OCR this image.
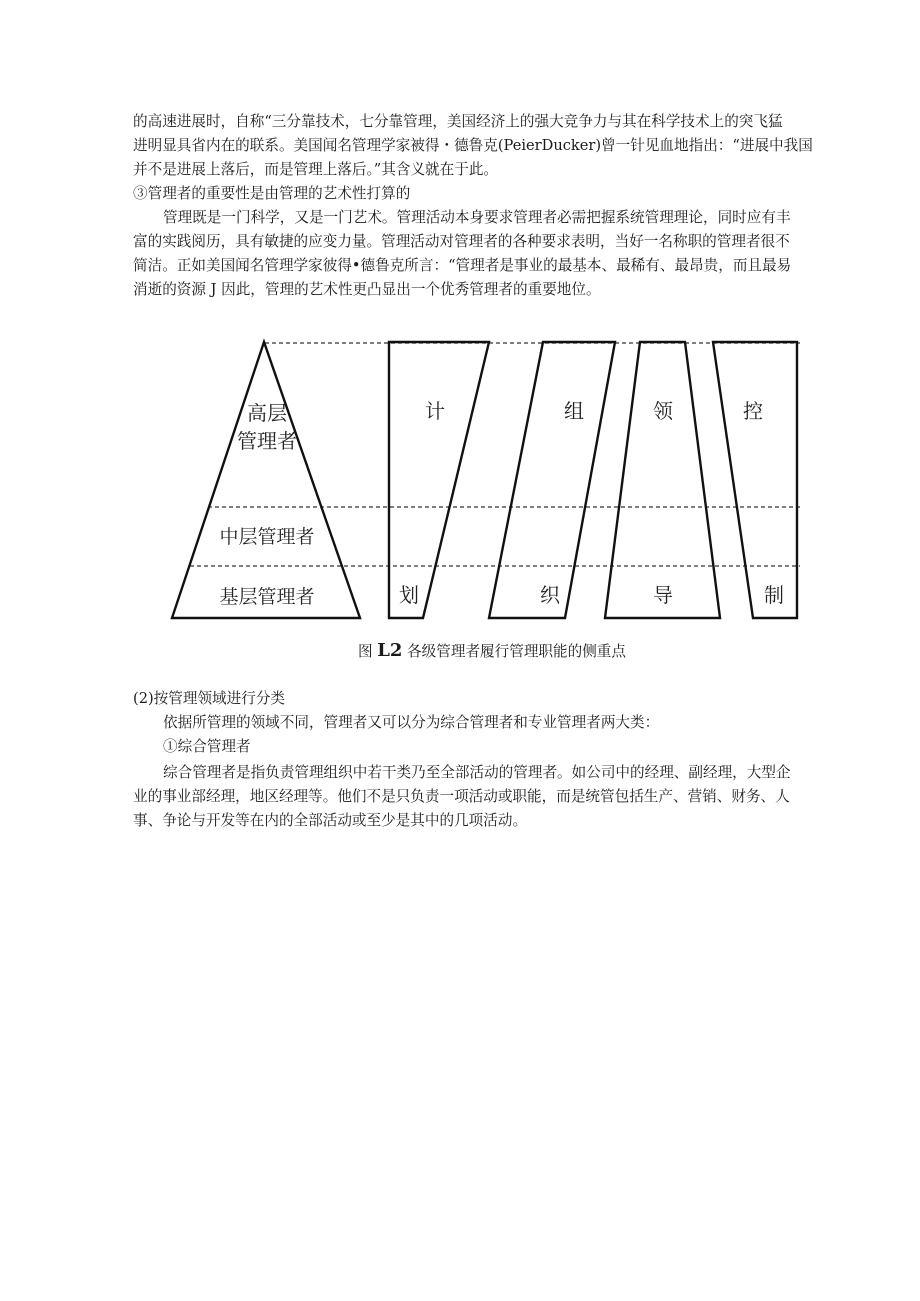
的高速进展时，自称“三分靠技术，七分靠管理，美国经济上的强大竞争力与其在科学技术上的突飞猛
进明显具省内在的联系。美国闻名管理学家被得・德鲁克(PeierDucker)曾一针见血地指出：“进展中我国
并不是进展上落后，而是管理上落后。”其含义就在于此。
③管理者的重要性是由管理的艺术性打算的
管理既是一门科学，又是一门艺术。管理活动本身要求管理者必需把握系统管理理论，同时应有丰
富的实践阅历，具有敏捷的应变力量。管理活动对管理者的各种要求表明，当好一名称职的管理者很不
简洁。正如美国闻名管理学家彼得•德鲁克所言：“管理者是事业的最基本、最稀有、最昂贵，而且最易
消逝的资源 J 因此，管理的艺术性更凸显出一个优秀管理者的重要地位。
高层
管理者
中层管理者
基层管理者
计
划
组
织
领
导
控
制
图 L2 各级管理者履行管理职能的侧重点
(2)按管理领域进行分类
依据所管理的领域不同，管理者又可以分为综合管理者和专业管理者两大类：
①综合管理者
综合管理者是指负责管理组织中若干类乃至全部活动的管理者。如公司中的经理、副经理，大型企
业的事业部经理，地区经理等。他们不是只负责一项活动或职能，而是统管包括生产、营销、财务、人
事、争论与开发等在内的全部活动或至少是其中的几项活动。
